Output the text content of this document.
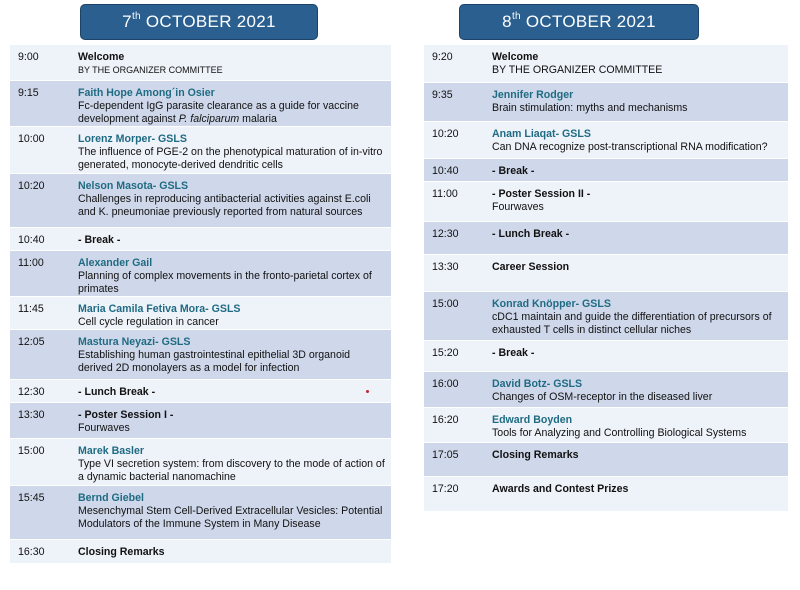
7th OCTOBER 2021	8th OCTOBER 2021
9:00	Welcome
BY THE ORGANIZER COMMITTEE
9:15	Faith Hope Among´in Osier
Fc-dependent IgG parasite clearance as a guide for vaccine development against P. falciparum malaria
10:00	Lorenz Morper- GSLS
The influence of PGE-2 on the phenotypical maturation of in-vitro generated, monocyte-derived dendritic cells
10:20	Nelson Masota- GSLS
Challenges in reproducing antibacterial activities against E.coli and K. pneumoniae previously reported from natural sources
10:40	- Break -
11:00	Alexander Gail
Planning of complex movements in the fronto-parietal cortex of primates
11:45	Maria Camila Fetiva Mora- GSLS
Cell cycle regulation in cancer
12:05	Mastura Neyazi- GSLS
Establishing human gastrointestinal epithelial 3D organoid derived 2D monolayers as a model for infection
12:30	- Lunch Break -
13:30	- Poster Session I -
Fourwaves
15:00	Marek Basler
Type VI secretion system: from discovery to the mode of action of a dynamic bacterial nanomachine
15:45	Bernd Giebel
Mesenchymal Stem Cell-Derived Extracellular Vesicles: Potential Modulators of the Immune System in Many Disease
16:30	Closing Remarks
9:20	Welcome
BY THE ORGANIZER COMMITTEE
9:35	Jennifer Rodger
Brain stimulation: myths and mechanisms
10:20	Anam Liaqat- GSLS
Can DNA recognize post-transcriptional RNA modification?
10:40	- Break -
11:00	- Poster Session II -
Fourwaves
12:30	- Lunch Break -
13:30	Career Session
15:00	Konrad Knöpper- GSLS
cDC1 maintain and guide the differentiation of precursors of exhausted T cells in distinct cellular niches
15:20	- Break -
16:00	David Botz- GSLS
Changes of OSM-receptor in the diseased liver
16:20	Edward Boyden
Tools for Analyzing and Controlling Biological Systems
17:05	Closing Remarks
17:20	Awards and Contest Prizes
